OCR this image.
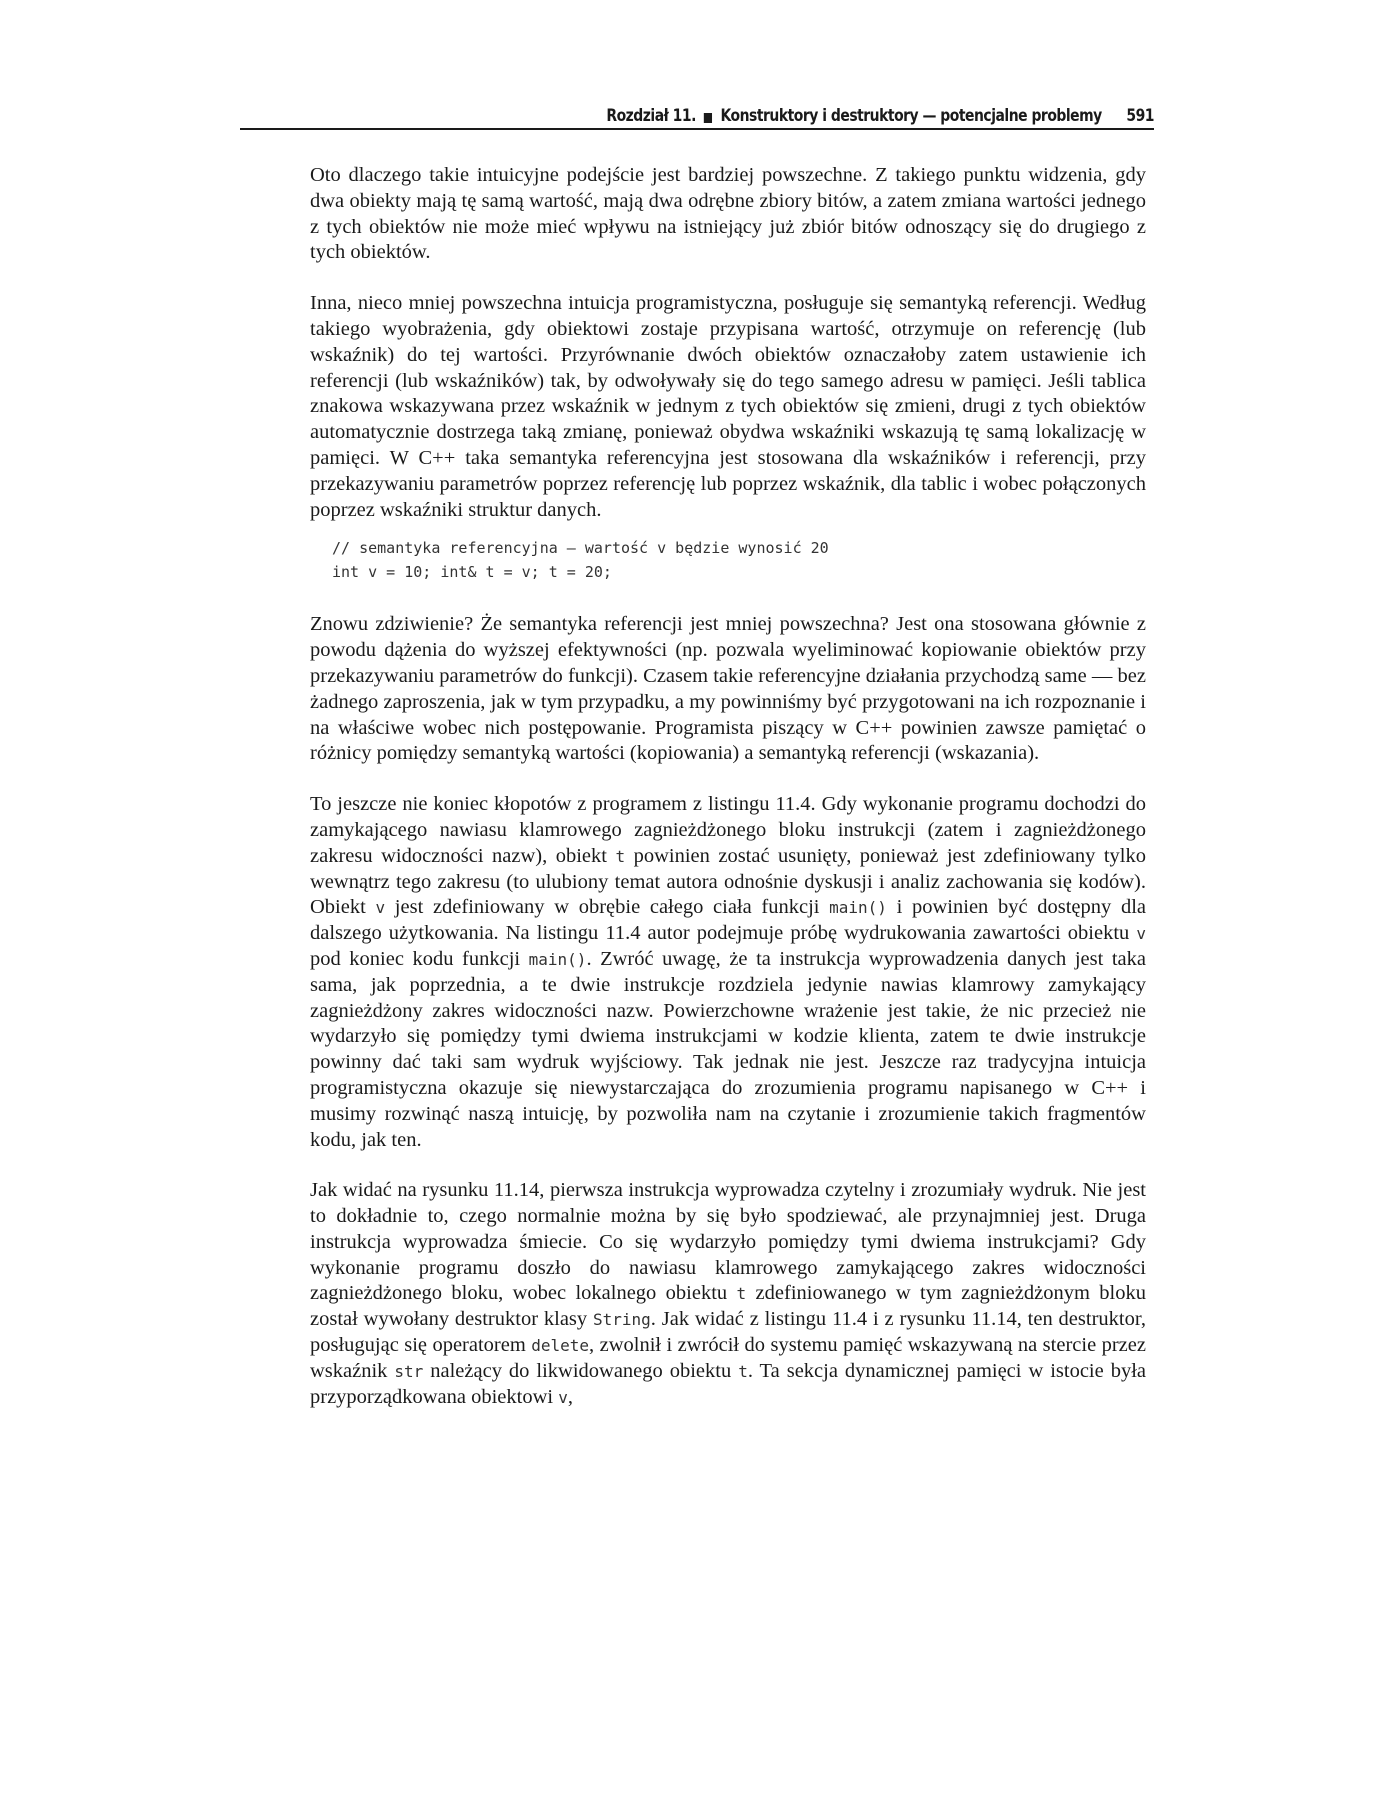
Rozdział 11. Konstruktory i destruktory — potencjalne problemy 591

Oto dlaczego takie intuicyjne podejście jest bardziej powszechne. Z takiego punktu widzenia, gdy dwa obiekty mają tę samą wartość, mają dwa odrębne zbiory bitów, a zatem zmiana wartości jednego z tych obiektów nie może mieć wpływu na istniejący już zbiór bitów odnoszący się do drugiego z tych obiektów.

Inna, nieco mniej powszechna intuicja programistyczna, posługuje się semantyką referencji. Według takiego wyobrażenia, gdy obiektowi zostaje przypisana wartość, otrzymuje on referencję (lub wskaźnik) do tej wartości. Przyrównanie dwóch obiektów oznaczałoby zatem ustawienie ich referencji (lub wskaźników) tak, by odwoływały się do tego samego adresu w pamięci. Jeśli tablica znakowa wskazywana przez wskaźnik w jednym z tych obiektów się zmieni, drugi z tych obiektów automatycznie dostrzega taką zmianę, ponieważ obydwa wskaźniki wskazują tę samą lokalizację w pamięci. W C++ taka semantyka referencyjna jest stosowana dla wskaźników i referencji, przy przekazywaniu parametrów poprzez referencję lub poprzez wskaźnik, dla tablic i wobec połączonych poprzez wskaźniki struktur danych.

// semantyka referencyjna — wartość v będzie wynosić 20
int v = 10; int& t = v; t = 20;

Znowu zdziwienie? Że semantyka referencji jest mniej powszechna? Jest ona stosowana głównie z powodu dążenia do wyższej efektywności (np. pozwala wyeliminować kopiowanie obiektów przy przekazywaniu parametrów do funkcji). Czasem takie referencyjne działania przychodzą same — bez żadnego zaproszenia, jak w tym przypadku, a my powinniśmy być przygotowani na ich rozpoznanie i na właściwe wobec nich postępowanie. Programista piszący w C++ powinien zawsze pamiętać o różnicy pomiędzy semantyką wartości (kopiowania) a semantyką referencji (wskazania).

To jeszcze nie koniec kłopotów z programem z listingu 11.4. Gdy wykonanie programu dochodzi do zamykającego nawiasu klamrowego zagnieżdżonego bloku instrukcji (zatem i zagnieżdżonego zakresu widoczności nazw), obiekt t powinien zostać usunięty, ponieważ jest zdefiniowany tylko wewnątrz tego zakresu (to ulubiony temat autora odnośnie dyskusji i analiz zachowania się kodów). Obiekt v jest zdefiniowany w obrębie całego ciała funkcji main() i powinien być dostępny dla dalszego użytkowania. Na listingu 11.4 autor podejmuje próbę wydrukowania zawartości obiektu v pod koniec kodu funkcji main(). Zwróć uwagę, że ta instrukcja wyprowadzenia danych jest taka sama, jak poprzednia, a te dwie instrukcje rozdziela jedynie nawias klamrowy zamykający zagnieżdżony zakres widoczności nazw. Powierzchowne wrażenie jest takie, że nic przecież nie wydarzyło się pomiędzy tymi dwiema instrukcjami w kodzie klienta, zatem te dwie instrukcje powinny dać taki sam wydruk wyjściowy. Tak jednak nie jest. Jeszcze raz tradycyjna intuicja programistyczna okazuje się niewystarczająca do zrozumienia programu napisanego w C++ i musimy rozwinąć naszą intuicję, by pozwoliła nam na czytanie i zrozumienie takich fragmentów kodu, jak ten.

Jak widać na rysunku 11.14, pierwsza instrukcja wyprowadza czytelny i zrozumiały wydruk. Nie jest to dokładnie to, czego normalnie można by się było spodziewać, ale przynajmniej jest. Druga instrukcja wyprowadza śmiecie. Co się wydarzyło pomiędzy tymi dwiema instrukcjami? Gdy wykonanie programu doszło do nawiasu klamrowego zamykającego zakres widoczności zagnieżdżonego bloku, wobec lokalnego obiektu t zdefiniowanego w tym zagnieżdżonym bloku został wywołany destruktor klasy String. Jak widać z listingu 11.4 i z rysunku 11.14, ten destruktor, posługując się operatorem delete, zwolnił i zwrócił do systemu pamięć wskazywaną na stercie przez wskaźnik str należący do likwidowanego obiektu t. Ta sekcja dynamicznej pamięci w istocie była przyporządkowana obiektowi v,
